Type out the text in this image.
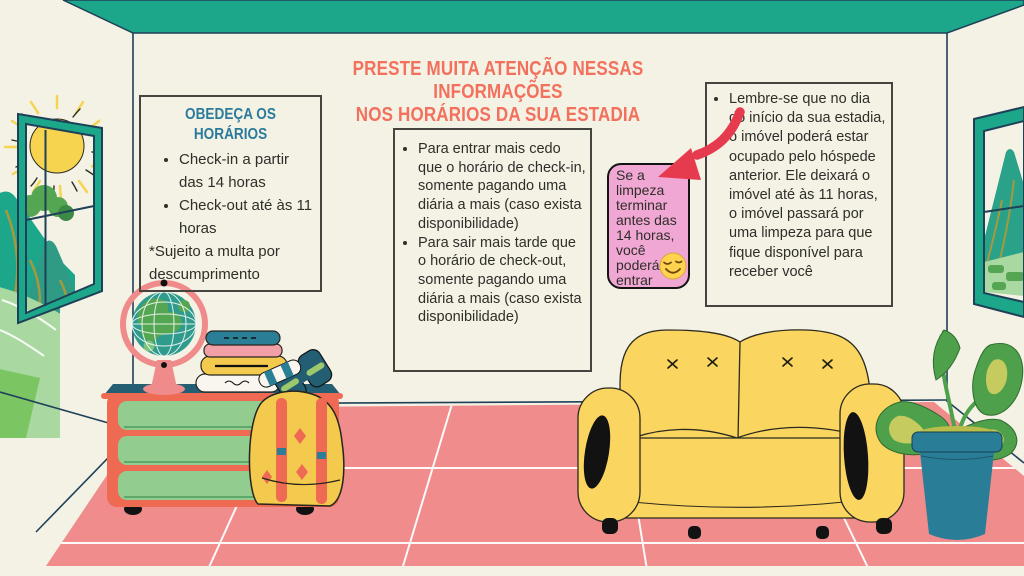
PRESTE MUITA ATENÇÃO NESSAS INFORMAÇÕES
NOS HORÁRIOS DA SUA ESTADIA
OBEDEÇA OS HORÁRIOS
• Check-in a partir das 14 horas
• Check-out até às 11 horas

*Sujeito a multa por descumprimento

• Para entrar mais cedo que o horário de check-in, somente pagando uma diária a mais (caso exista disponibilidade)
• Para sair mais tarde que o horário de check-out, somente pagando uma diária a mais (caso exista disponibilidade)
Se a limpeza terminar antes das 14 horas, você poderá entrar
• Lembre-se que no dia do início da sua estadia, o imóvel poderá estar ocupado pelo hóspede anterior. Ele deixará o imóvel até às 11 horas, o imóvel passará por uma limpeza para que fique disponível para receber você
